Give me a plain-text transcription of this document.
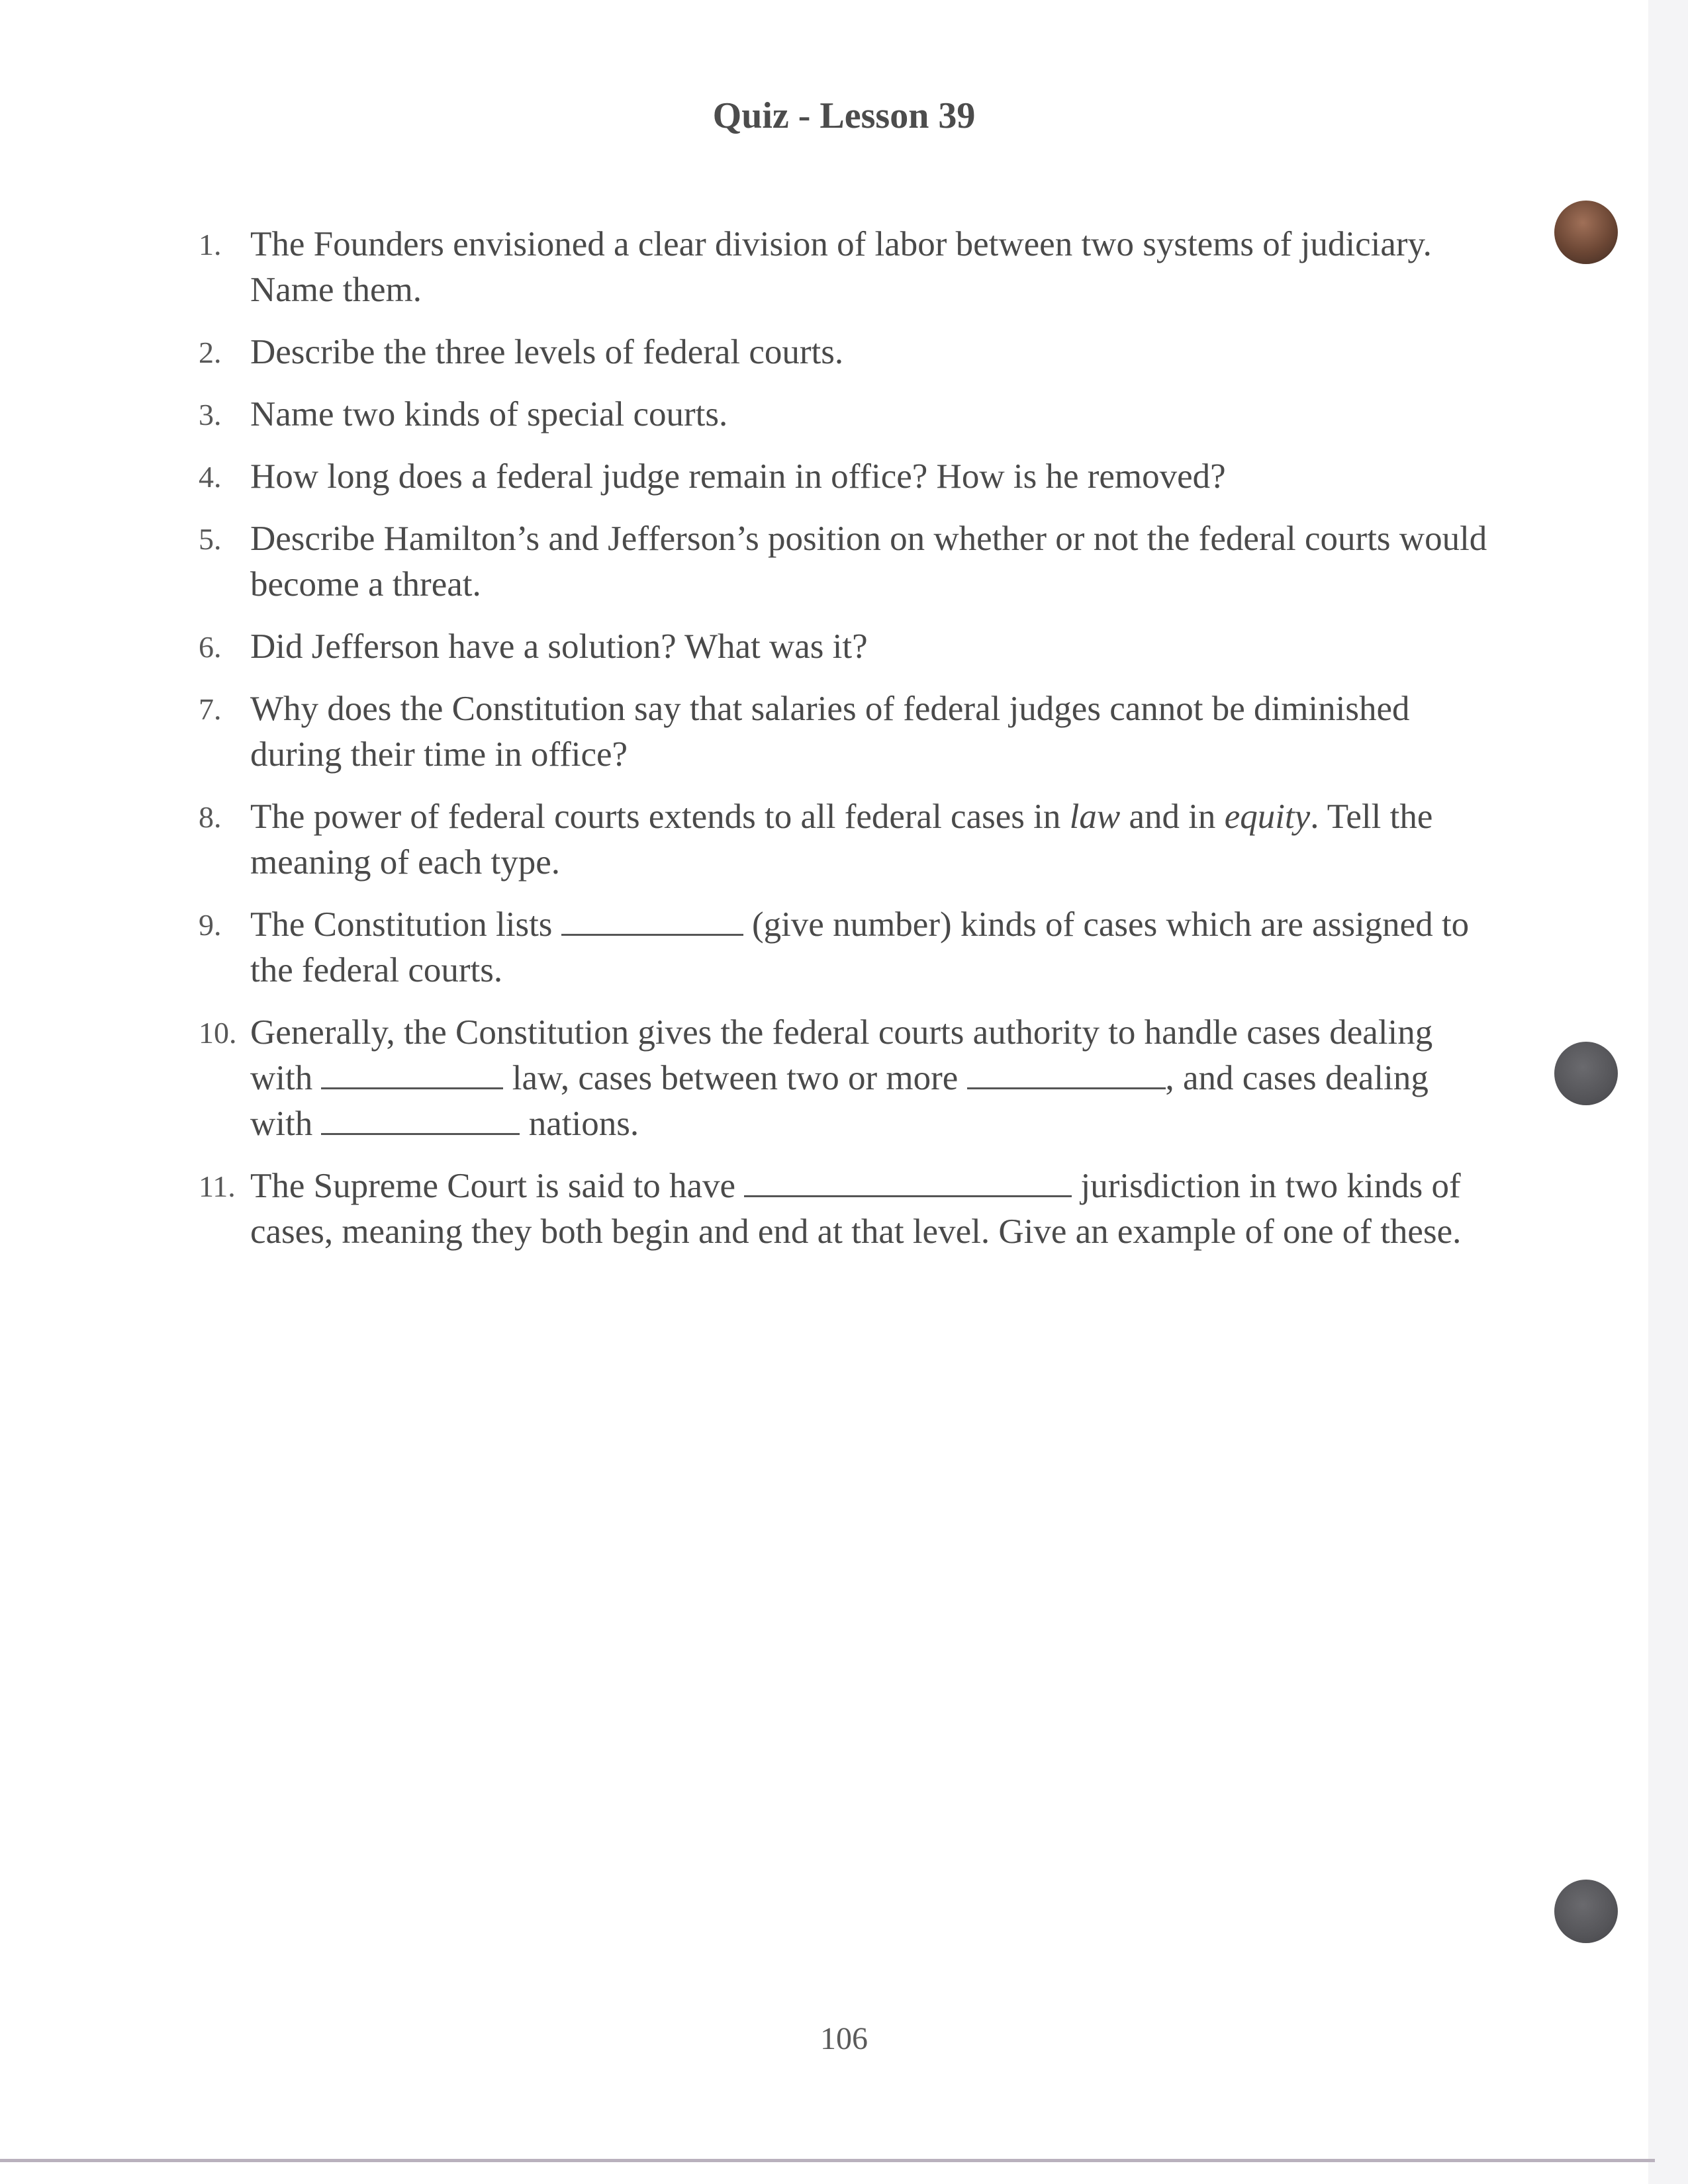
Quiz - Lesson 39
1. The Founders envisioned a clear division of labor between two systems of judiciary. Name them.
2. Describe the three levels of federal courts.
3. Name two kinds of special courts.
4. How long does a federal judge remain in office? How is he removed?
5. Describe Hamilton’s and Jefferson’s position on whether or not the federal courts would become a threat.
6. Did Jefferson have a solution? What was it?
7. Why does the Constitution say that salaries of federal judges cannot be diminished during their time in office?
8. The power of federal courts extends to all federal cases in law and in equity. Tell the meaning of each type.
9. The Constitution lists	(give number) kinds of cases which are assigned to the federal courts.
10. Generally, the Constitution gives the federal courts authority to handle cases dealing with	law, cases between two or more	, and cases dealing with	nations.
11. The Supreme Court is said to have	jurisdiction in two kinds of cases, meaning they both begin and end at that level. Give an example of one of these.
106
